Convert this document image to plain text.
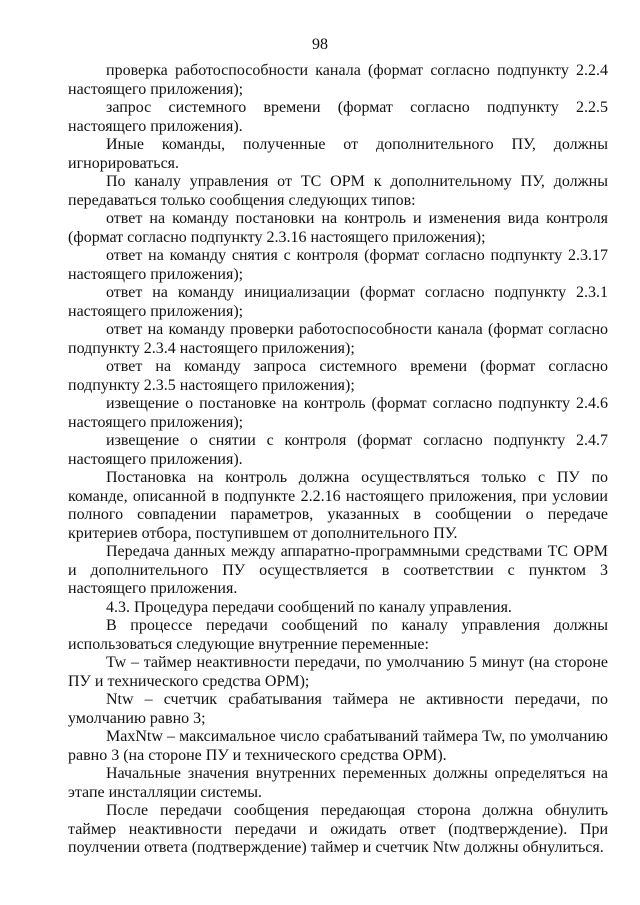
98

проверка работоспособности канала (формат согласно подпункту 2.2.4 настоящего приложения);

запрос системного времени (формат согласно подпункту 2.2.5 настоящего приложения).

Иные команды, полученные от дополнительного ПУ, должны игнорироваться.

По каналу управления от ТС ОРМ к дополнительному ПУ, должны передаваться только сообщения следующих типов:

ответ на команду постановки на контроль и изменения вида контроля (формат согласно подпункту 2.3.16 настоящего приложения);

ответ на команду снятия с контроля (формат согласно подпункту 2.3.17 настоящего приложения);

ответ на команду инициализации (формат согласно подпункту 2.3.1 настоящего приложения);

ответ на команду проверки работоспособности канала (формат согласно подпункту 2.3.4 настоящего приложения);

ответ на команду запроса системного времени (формат согласно подпункту 2.3.5 настоящего приложения);

извещение о постановке на контроль (формат согласно подпункту 2.4.6 настоящего приложения);

извещение о снятии с контроля (формат согласно подпункту 2.4.7 настоящего приложения).

Постановка на контроль должна осуществляться только с ПУ по команде, описанной в подпункте 2.2.16 настоящего приложения, при условии полного совпадении параметров, указанных в сообщении о передаче критериев отбора, поступившем от дополнительного ПУ.

Передача данных между аппаратно-программными средствами ТС ОРМ и дополнительного ПУ осуществляется в соответствии с пунктом 3 настоящего приложения.

4.3. Процедура передачи сообщений по каналу управления.

В процессе передачи сообщений по каналу управления должны использоваться следующие внутренние переменные:

Tw – таймер неактивности передачи, по умолчанию 5 минут (на стороне ПУ и технического средства ОРМ);

Ntw – счетчик срабатывания таймера не активности передачи, по умолчанию равно 3;

MaxNtw – максимальное число срабатываний таймера Tw, по умолчанию равно 3 (на стороне ПУ и технического средства ОРМ).

Начальные значения внутренних переменных должны определяться на этапе инсталляции системы.

После передачи сообщения передающая сторона должна обнулить таймер неактивности передачи и ожидать ответ (подтверждение). При поулчении ответа (подтверждение) таймер и счетчик Ntw должны обнулиться.
